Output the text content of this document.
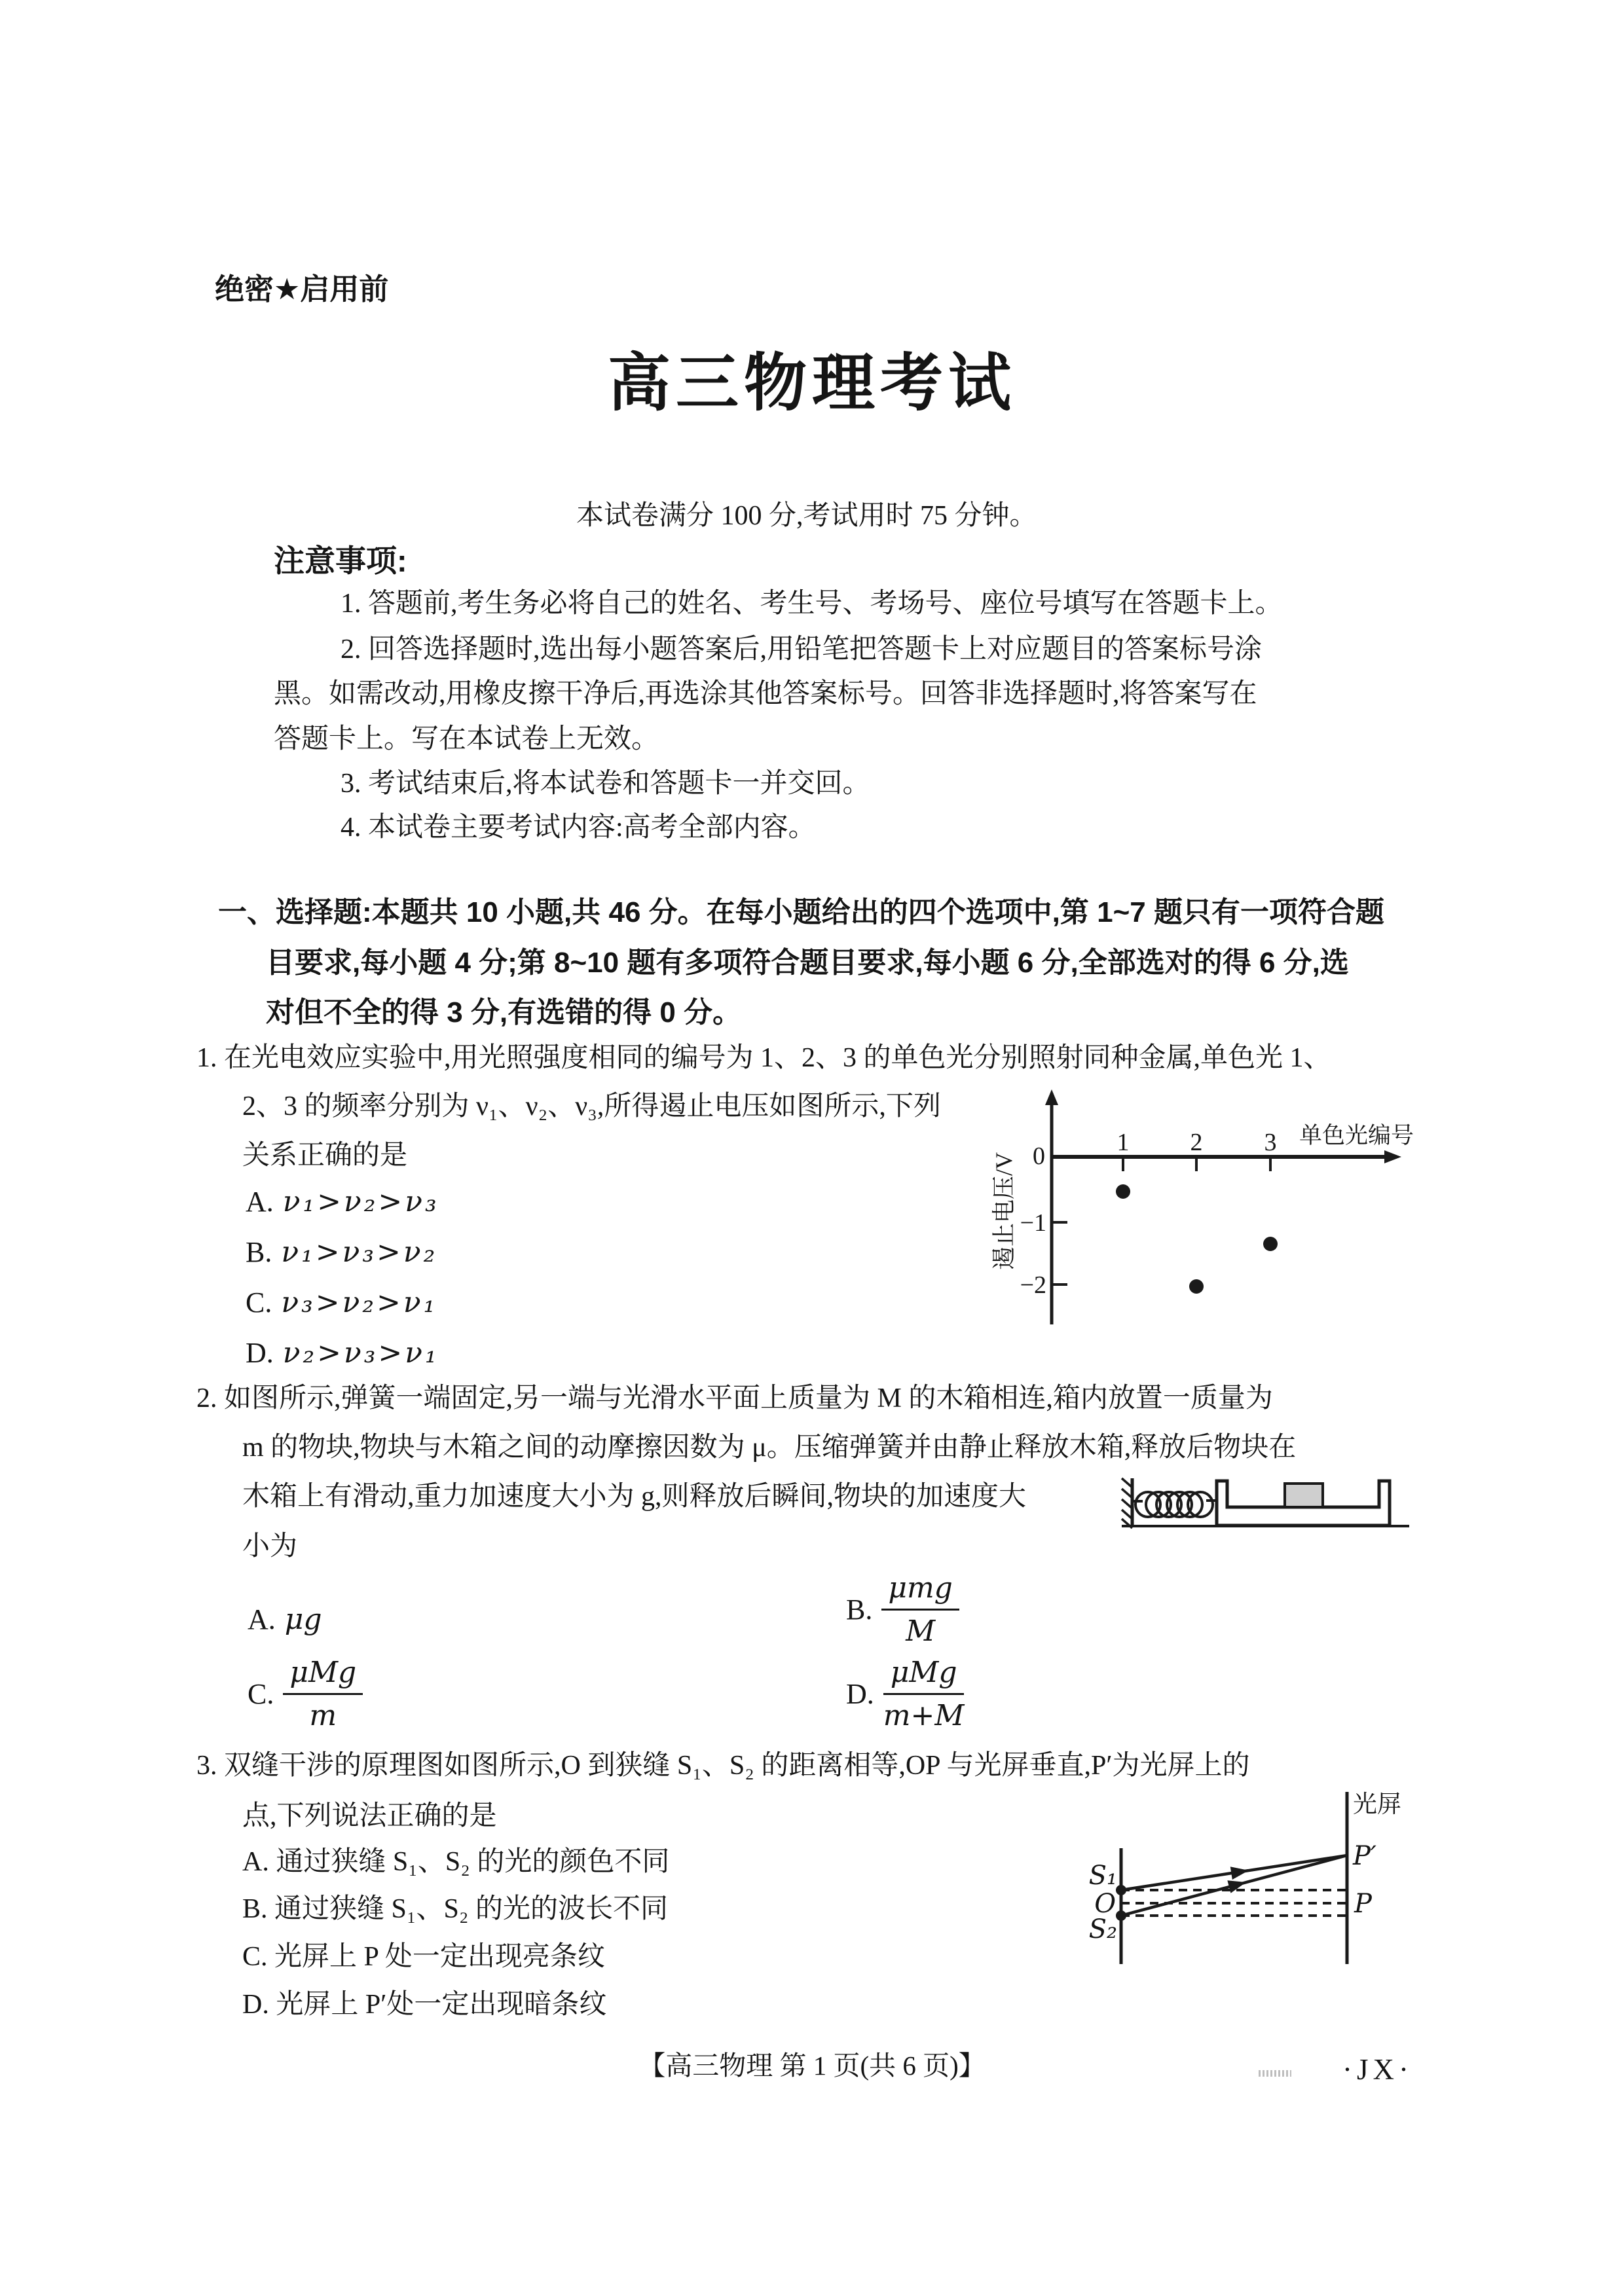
绝密★启用前
高三物理考试
本试卷满分 100 分,考试用时 75 分钟。
注意事项:
1. 答题前,考生务必将自己的姓名、考生号、考场号、座位号填写在答题卡上。
2. 回答选择题时,选出每小题答案后,用铅笔把答题卡上对应题目的答案标号涂
黑。如需改动,用橡皮擦干净后,再选涂其他答案标号。回答非选择题时,将答案写在
答题卡上。写在本试卷上无效。
3. 考试结束后,将本试卷和答题卡一并交回。
4. 本试卷主要考试内容:高考全部内容。
一、选择题:本题共 10 小题,共 46 分。在每小题给出的四个选项中,第 1~7 题只有一项符合题
目要求,每小题 4 分;第 8~10 题有多项符合题目要求,每小题 6 分,全部选对的得 6 分,选
对但不全的得 3 分,有选错的得 0 分。
1. 在光电效应实验中,用光照强度相同的编号为 1、2、3 的单色光分别照射同种金属,单色光 1、
2、3 的频率分别为 ν₁、ν₂、ν₃,所得遏止电压如图所示,下列
关系正确的是
A. ν₁>ν₂>ν₃
B. ν₁>ν₃>ν₂
C. ν₃>ν₂>ν₁
D. ν₂>ν₃>ν₁
1 2 3
0
−1
−2
单色光编号
遏止电压/V
2. 如图所示,弹簧一端固定,另一端与光滑水平面上质量为 M 的木箱相连,箱内放置一质量为
m 的物块,物块与木箱之间的动摩擦因数为 μ。压缩弹簧并由静止释放木箱,释放后物块在
木箱上有滑动,重力加速度大小为 g,则释放后瞬间,物块的加速度大
小为
A. μg	B. $\frac{\text{μmg}}{M}$
C. $\frac{\text{μMg}}{m}$	D. $\frac{\text{μMg}}{m+M}$
3. 双缝干涉的原理图如图所示,O 到狭缝 S₁、S₂ 的距离相等,OP 与光屏垂直,P′为光屏上的
点,下列说法正确的是
A. 通过狭缝 S₁、S₂ 的光的颜色不同
B. 通过狭缝 S₁、S₂ 的光的波长不同
C. 光屏上 P 处一定出现亮条纹
D. 光屏上 P′处一定出现暗条纹
光屏
S₁
O
S₂
P′
P
【高三物理 第 1 页(共 6 页)】	·JX·
